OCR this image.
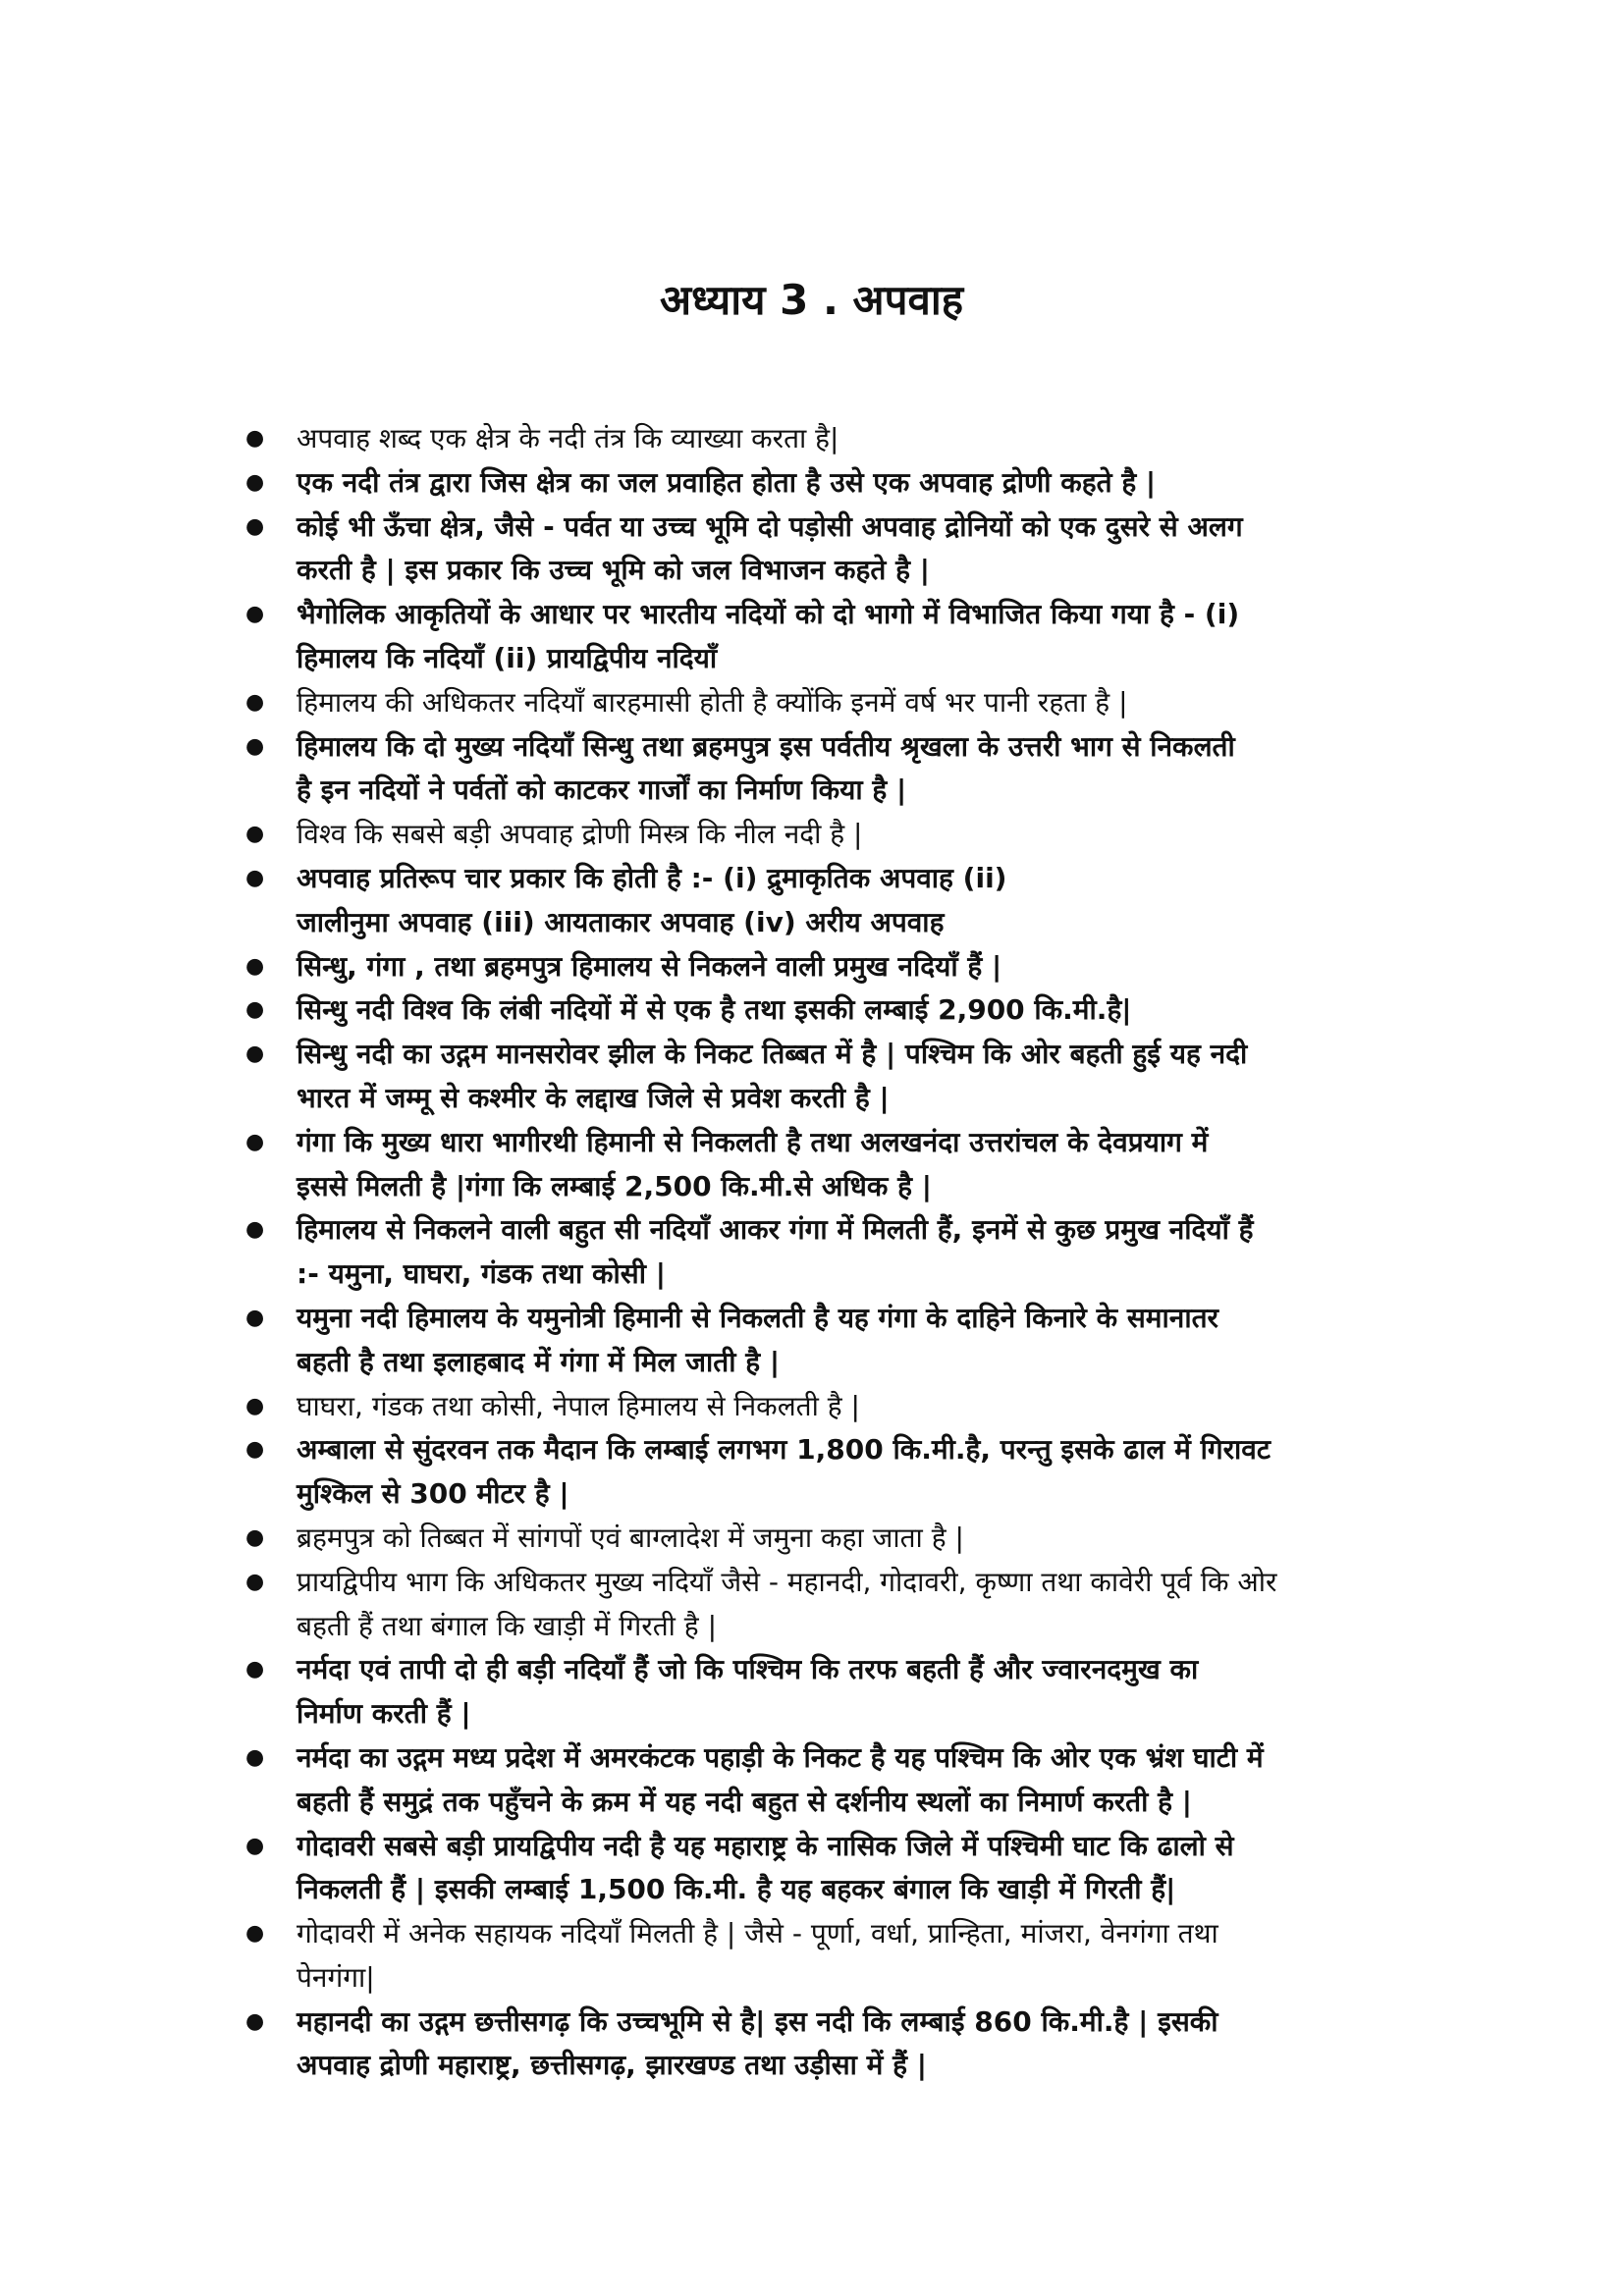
अध्याय 3 . अपवाह
● अपवाह शब्द एक क्षेत्र के नदी तंत्र कि व्याख्या करता है|
● एक नदी तंत्र द्वारा जिस क्षेत्र का जल प्रवाहित होता है उसे एक अपवाह द्रोणी कहते है |
● कोई भी ऊँचा क्षेत्र, जैसे - पर्वत या उच्च भूमि दो पड़ोसी अपवाह द्रोनियों को एक दुसरे से अलग
करती है | इस प्रकार कि उच्च भूमि को जल विभाजन कहते है |
● भैगोलिक आकृतियों के आधार पर भारतीय नदियों को दो भागो में विभाजित किया गया है - (i)
हिमालय कि नदियाँ (ii) प्रायद्विपीय नदियाँ
● हिमालय की अधिकतर नदियाँ बारहमासी होती है क्योंकि इनमें वर्ष भर पानी रहता है |
● हिमालय कि दो मुख्य नदियाँ सिन्धु तथा ब्रहमपुत्र इस पर्वतीय श्रृखला के उत्तरी भाग से निकलती
है इन नदियों ने पर्वतों को काटकर गार्जों का निर्माण किया है |
● विश्व कि सबसे बड़ी अपवाह द्रोणी मिस्त्र कि नील नदी है |
● अपवाह प्रतिरूप चार प्रकार कि होती है :- (i) द्रुमाकृतिक अपवाह (ii)
जालीनुमा अपवाह (iii) आयताकार अपवाह (iv) अरीय अपवाह
● सिन्धु, गंगा , तथा ब्रहमपुत्र हिमालय से निकलने वाली प्रमुख नदियाँ हैं |
● सिन्धु नदी विश्व कि लंबी नदियों में से एक है तथा इसकी लम्बाई 2,900 कि.मी.है|
● सिन्धु नदी का उद्गम मानसरोवर झील के निकट तिब्बत में है | पश्चिम कि ओर बहती हुई यह नदी
भारत में जम्मू से कश्मीर के लद्दाख जिले से प्रवेश करती है |
● गंगा कि मुख्य धारा भागीरथी हिमानी से निकलती है तथा अलखनंदा उत्तरांचल के देवप्रयाग में
इससे मिलती है |गंगा कि लम्बाई 2,500 कि.मी.से अधिक है |
● हिमालय से निकलने वाली बहुत सी नदियाँ आकर गंगा में मिलती हैं, इनमें से कुछ प्रमुख नदियाँ हैं
:- यमुना, घाघरा, गंडक तथा कोसी |
● यमुना नदी हिमालय के यमुनोत्री हिमानी से निकलती है यह गंगा के दाहिने किनारे के समानातर
बहती है तथा इलाहबाद में गंगा में मिल जाती है |
● घाघरा, गंडक तथा कोसी, नेपाल हिमालय से निकलती है |
● अम्बाला से सुंदरवन तक मैदान कि लम्बाई लगभग 1,800 कि.मी.है, परन्तु इसके ढाल में गिरावट
मुश्किल से 300 मीटर है |
● ब्रहमपुत्र को तिब्बत में सांगपों एवं बाग्लादेश में जमुना कहा जाता है |
● प्रायद्विपीय भाग कि अधिकतर मुख्य नदियाँ जैसे - महानदी, गोदावरी, कृष्णा तथा कावेरी पूर्व कि ओर
बहती हैं तथा बंगाल कि खाड़ी में गिरती है |
● नर्मदा एवं तापी दो ही बड़ी नदियाँ हैं जो कि पश्चिम कि तरफ बहती हैं और ज्वारनदमुख का
निर्माण करती हैं |
● नर्मदा का उद्गम मध्य प्रदेश में अमरकंटक पहाड़ी के निकट है यह पश्चिम कि ओर एक भ्रंश घाटी में
बहती हैं समुद्रं तक पहुँचने के क्रम में यह नदी बहुत से दर्शनीय स्थलों का निमार्ण करती है |
● गोदावरी सबसे बड़ी प्रायद्विपीय नदी है यह महाराष्ट्र के नासिक जिले में पश्चिमी घाट कि ढालो से
निकलती हैं | इसकी लम्बाई 1,500 कि.मी. है यह बहकर बंगाल कि खाड़ी में गिरती हैं|
● गोदावरी में अनेक सहायक नदियाँ मिलती है | जैसे - पूर्णा, वर्धा, प्रान्हिता, मांजरा, वेनगंगा तथा
पेनगंगा|
● महानदी का उद्गम छत्तीसगढ़ कि उच्चभूमि से है| इस नदी कि लम्बाई 860 कि.मी.है | इसकी
अपवाह द्रोणी महाराष्ट्र, छत्तीसगढ़, झारखण्ड तथा उड़ीसा में हैं |
